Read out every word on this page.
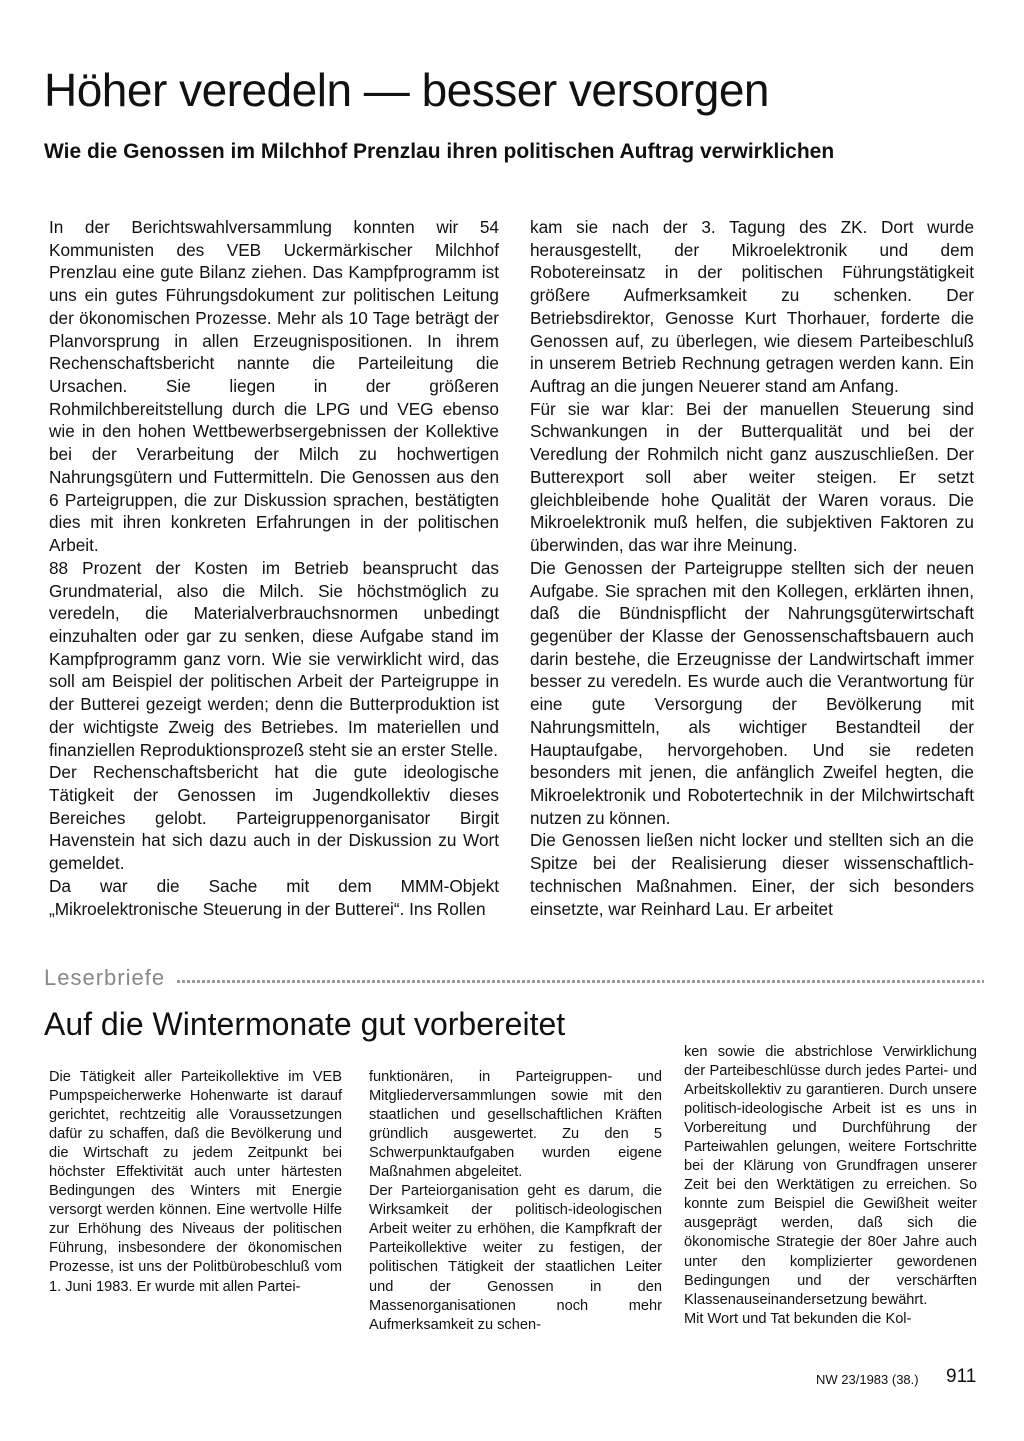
Höher veredeln — besser versorgen
Wie die Genossen im Milchhof Prenzlau ihren politischen Auftrag verwirklichen

In der Berichtswahlversammlung konnten wir 54 Kommunisten des VEB Uckermärkischer Milchhof Prenzlau eine gute Bilanz ziehen. Das Kampfprogramm ist uns ein gutes Führungsdokument zur politischen Leitung der ökonomischen Prozesse. Mehr als 10 Tage beträgt der Planvorsprung in allen Erzeugnispositionen. In ihrem Rechenschaftsbericht nannte die Parteileitung die Ursachen. Sie liegen in der größeren Rohmilchbereitstellung durch die LPG und VEG ebenso wie in den hohen Wettbewerbsergebnissen der Kollektive bei der Verarbeitung der Milch zu hochwertigen Nahrungsgütern und Futtermitteln. Die Genossen aus den 6 Parteigruppen, die zur Diskussion sprachen, bestätigten dies mit ihren konkreten Erfahrungen in der politischen Arbeit.

88 Prozent der Kosten im Betrieb beansprucht das Grundmaterial, also die Milch. Sie höchstmöglich zu veredeln, die Materialverbrauchsnormen unbedingt einzuhalten oder gar zu senken, diese Aufgabe stand im Kampfprogramm ganz vorn. Wie sie verwirklicht wird, das soll am Beispiel der politischen Arbeit der Parteigruppe in der Butterei gezeigt werden; denn die Butterproduktion ist der wichtigste Zweig des Betriebes. Im materiellen und finanziellen Reproduktionsprozeß steht sie an erster Stelle.

Der Rechenschaftsbericht hat die gute ideologische Tätigkeit der Genossen im Jugendkollektiv dieses Bereiches gelobt. Parteigruppenorganisator Birgit Havenstein hat sich dazu auch in der Diskussion zu Wort gemeldet.

Da war die Sache mit dem MMM-Objekt „Mikroelektronische Steuerung in der Butterei“. Ins Rollen

kam sie nach der 3. Tagung des ZK. Dort wurde herausgestellt, der Mikroelektronik und dem Robotereinsatz in der politischen Führungstätigkeit größere Aufmerksamkeit zu schenken. Der Betriebsdirektor, Genosse Kurt Thorhauer, forderte die Genossen auf, zu überlegen, wie diesem Parteibeschluß in unserem Betrieb Rechnung getragen werden kann. Ein Auftrag an die jungen Neuerer stand am Anfang.

Für sie war klar: Bei der manuellen Steuerung sind Schwankungen in der Butterqualität und bei der Veredlung der Rohmilch nicht ganz auszuschließen. Der Butterexport soll aber weiter steigen. Er setzt gleichbleibende hohe Qualität der Waren voraus. Die Mikroelektronik muß helfen, die subjektiven Faktoren zu überwinden, das war ihre Meinung.

Die Genossen der Parteigruppe stellten sich der neuen Aufgabe. Sie sprachen mit den Kollegen, erklärten ihnen, daß die Bündnispflicht der Nahrungsgüterwirtschaft gegenüber der Klasse der Genossenschaftsbauern auch darin bestehe, die Erzeugnisse der Landwirtschaft immer besser zu veredeln. Es wurde auch die Verantwortung für eine gute Versorgung der Bevölkerung mit Nahrungsmitteln, als wichtiger Bestandteil der Hauptaufgabe, hervorgehoben. Und sie redeten besonders mit jenen, die anfänglich Zweifel hegten, die Mikroelektronik und Robotertechnik in der Milchwirtschaft nutzen zu können.

Die Genossen ließen nicht locker und stellten sich an die Spitze bei der Realisierung dieser wissenschaftlich-technischen Maßnahmen. Einer, der sich besonders einsetzte, war Reinhard Lau. Er arbeitet

Leserbriefe
Auf die Wintermonate gut vorbereitet

Die Tätigkeit aller Parteikollektive im VEB Pumpspeicherwerke Hohenwarte ist darauf gerichtet, rechtzeitig alle Voraussetzungen dafür zu schaffen, daß die Bevölkerung und die Wirtschaft zu jedem Zeitpunkt bei höchster Effektivität auch unter härtesten Bedingungen des Winters mit Energie versorgt werden können. Eine wertvolle Hilfe zur Erhöhung des Niveaus der politischen Führung, insbesondere der ökonomischen Prozesse, ist uns der Politbürobeschluß vom 1. Juni 1983. Er wurde mit allen Partei-

funktionären, in Parteigruppen- und Mitgliederversammlungen sowie mit den staatlichen und gesellschaftlichen Kräften gründlich ausgewertet. Zu den 5 Schwerpunktaufgaben wurden eigene Maßnahmen abgeleitet.

Der Parteiorganisation geht es darum, die Wirksamkeit der politisch-ideologischen Arbeit weiter zu erhöhen, die Kampfkraft der Parteikollektive weiter zu festigen, der politischen Tätigkeit der staatlichen Leiter und der Genossen in den Massenorganisationen noch mehr Aufmerksamkeit zu schen-

ken sowie die abstrichlose Verwirklichung der Parteibeschlüsse durch jedes Partei- und Arbeitskollektiv zu garantieren. Durch unsere politisch-ideologische Arbeit ist es uns in Vorbereitung und Durchführung der Parteiwahlen gelungen, weitere Fortschritte bei der Klärung von Grundfragen unserer Zeit bei den Werktätigen zu erreichen. So konnte zum Beispiel die Gewißheit weiter ausgeprägt werden, daß sich die ökonomische Strategie der 80er Jahre auch unter den komplizierter gewordenen Bedingungen und der verschärften Klassenauseinandersetzung bewährt.

Mit Wort und Tat bekunden die Kol-

NW 23/1983 (38.) 911
